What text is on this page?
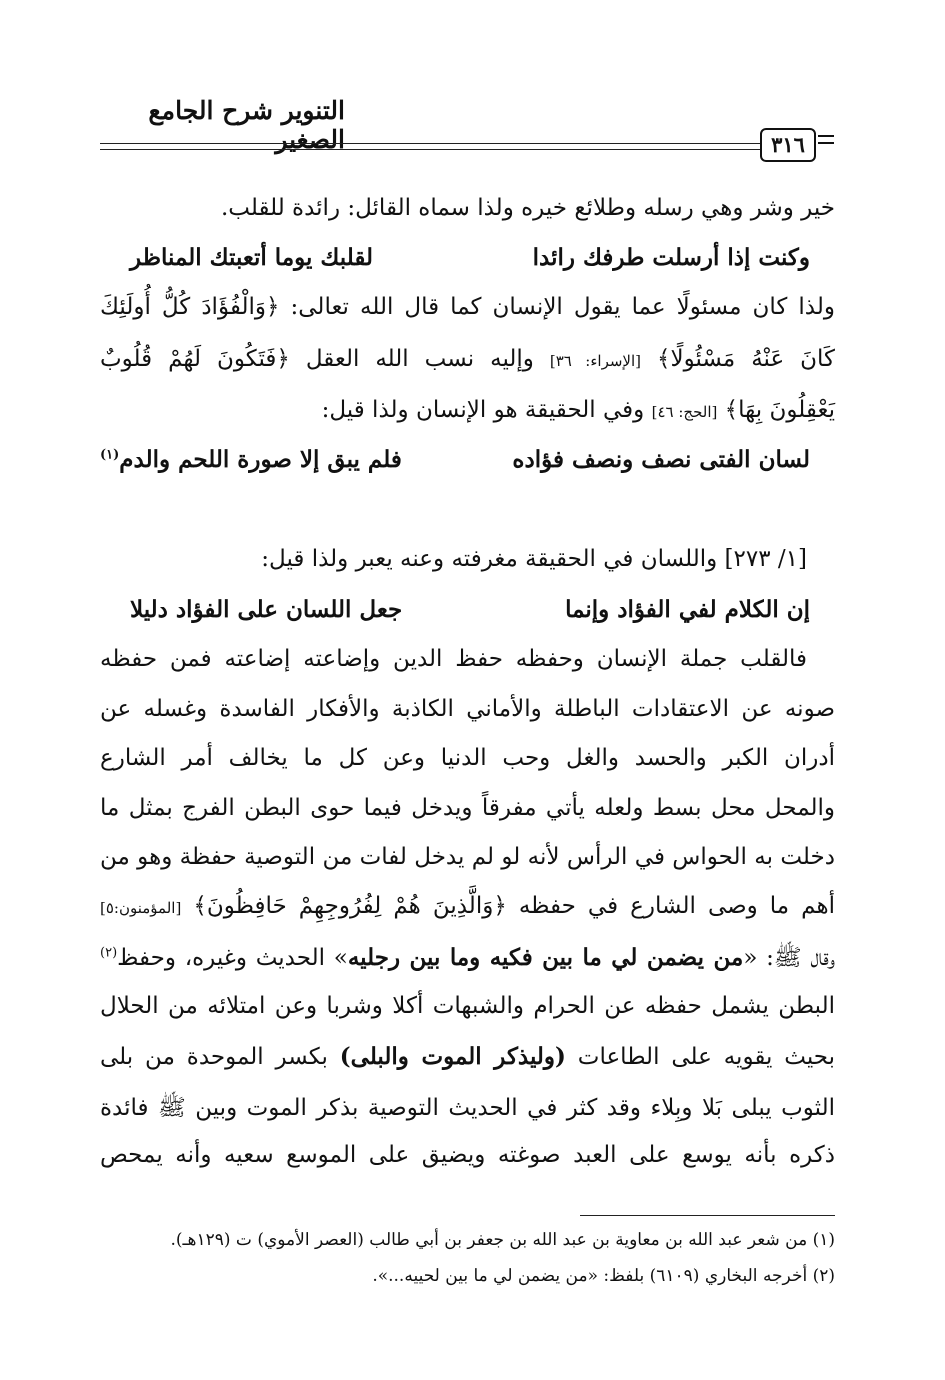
التنوير شرح الجامع الصغير	٣١٦
خير وشر وهي رسله وطلائع خيره ولذا سماه القائل: رائدة للقلب.
وكنت إذا أرسلت طرفك رائدا
لقلبك يوما أتعبتك المناظر
ولذا كان مسئولًا عما يقول الإنسان كما قال الله تعالى: ﴿وَالْفُؤَادَ كُلُّ أُولَئِكَ
كَانَ عَنْهُ مَسْئُولًا﴾ [الإسراء: ٣٦] وإليه نسب الله العقل ﴿فَتَكُونَ لَهُمْ قُلُوبٌ
يَعْقِلُونَ بِهَا﴾ [الحج: ٤٦] وفي الحقيقة هو الإنسان ولذا قيل:
لسان الفتى نصف ونصف فؤاده
فلم يبق إلا صورة اللحم والدم$^{(١)}$
[١/ ٢٧٣] واللسان في الحقيقة مغرفته وعنه يعبر ولذا قيل:
إن الكلام لفي الفؤاد وإنما
جعل اللسان على الفؤاد دليلا
فالقلب جملة الإنسان وحفظه حفظ الدين وإضاعته إضاعته فمن حفظه
صونه عن الاعتقادات الباطلة والأماني الكاذبة والأفكار الفاسدة وغسله عن
أدران الكبر والحسد والغل وحب الدنيا وعن كل ما يخالف أمر الشارع
والمحل محل بسط ولعله يأتي مفرقاً ويدخل فيما حوى البطن الفرج بمثل ما
دخلت به الحواس في الرأس لأنه لو لم يدخل لفات من التوصية حفظة وهو من
أهم ما وصى الشارع في حفظه ﴿وَالَّذِينَ هُمْ لِفُرُوجِهِمْ حَافِظُونَ﴾ [المؤمنون:٥]
وقال ﷺ: «من يضمن لي ما بين فكيه وما بين رجليه» الحديث وغيره، وحفظ$^{(٢)}$
البطن يشمل حفظه عن الحرام والشبهات أكلا وشربا وعن امتلائه من الحلال
بحيث يقويه على الطاعات (وليذكر الموت والبلى) بكسر الموحدة من بلى
الثوب يبلى بَلا وبِلاء وقد كثر في الحديث التوصية بذكر الموت وبين ﷺ فائدة
ذكره بأنه يوسع على العبد صوغته ويضيق على الموسع سعيه وأنه يمحص
(١) من شعر عبد الله بن معاوية بن عبد الله بن جعفر بن أبي طالب (العصر الأموي) ت (١٢٩هـ).
(٢) أخرجه البخاري (٦١٠٩) بلفظ: «من يضمن لي ما بين لحييه...».
